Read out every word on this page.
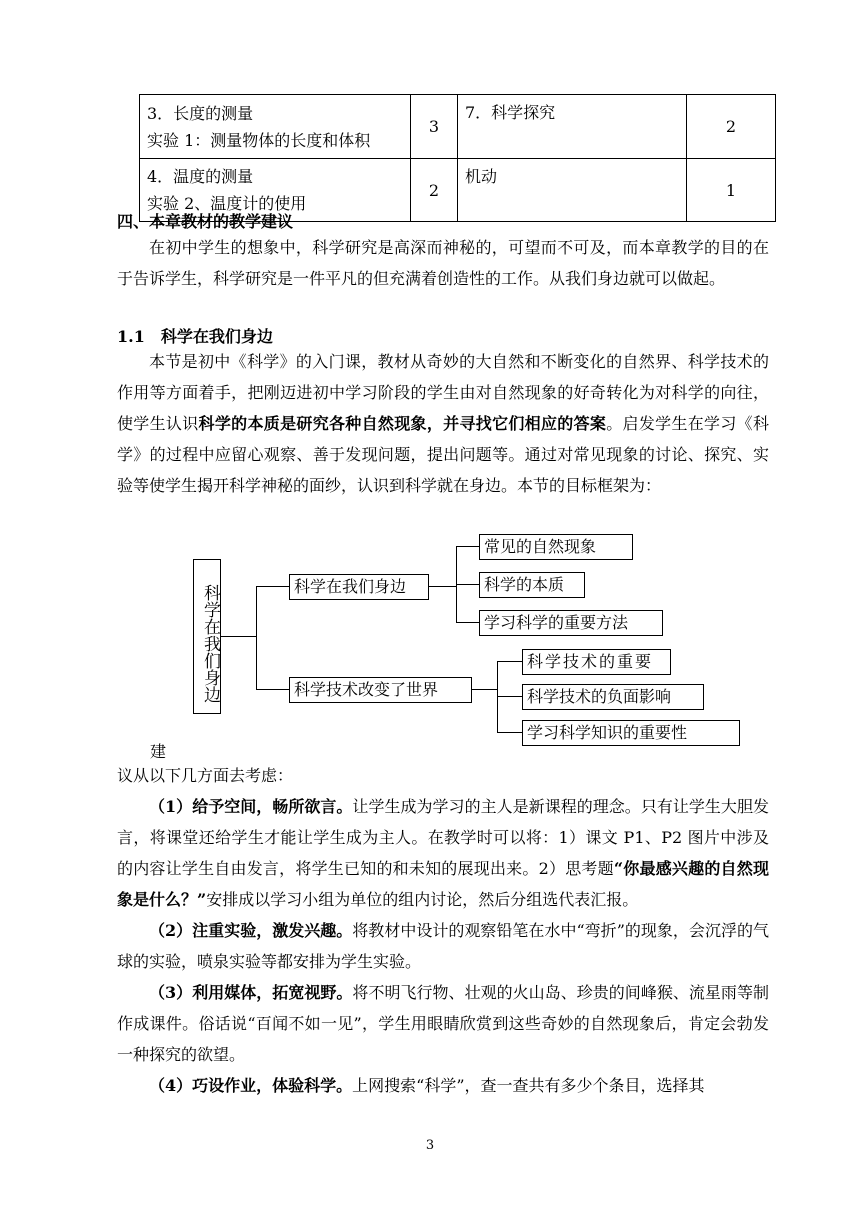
3．长度的测量
实验 1：测量物体的长度和体积	3	7．科学探究	2

4．温度的测量
实验 2、温度计的使用	2	机动	1
四、本章教材的教学建议

在初中学生的想象中，科学研究是高深而神秘的，可望而不可及，而本章教学的目的在于告诉学生，科学研究是一件平凡的但充满着创造性的工作。从我们身边就可以做起。

1.1　科学在我们身边

本节是初中《科学》的入门课，教材从奇妙的大自然和不断变化的自然界、科学技术的作用等方面着手，把刚迈进初中学习阶段的学生由对自然现象的好奇转化为对科学的向往，使学生认识科学的本质是研究各种自然现象，并寻找它们相应的答案。启发学生在学习《科学》的过程中应留心观察、善于发现问题，提出问题等。通过对常见现象的讨论、探究、实验等使学生揭开科学神秘的面纱，认识到科学就在身边。本节的目标框架为：

科学在我们身边	科学在我们身边
科学技术改变了世界
常见的自然现象
科学的本质
学习科学的重要方法
科学技术的重要
科学技术的负面影响
学习科学知识的重要性
建

议从以下几方面去考虑：

（1）给予空间，畅所欲言。让学生成为学习的主人是新课程的理念。只有让学生大胆发言，将课堂还给学生才能让学生成为主人。在教学时可以将：1）课文 P1、P2 图片中涉及的内容让学生自由发言，将学生已知的和未知的展现出来。2）思考题“你最感兴趣的自然现象是什么？”安排成以学习小组为单位的组内讨论，然后分组选代表汇报。

（2）注重实验，激发兴趣。将教材中设计的观察铅笔在水中“弯折”的现象，会沉浮的气球的实验，喷泉实验等都安排为学生实验。

（3）利用媒体，拓宽视野。将不明飞行物、壮观的火山岛、珍贵的间峰猴、流星雨等制作成课件。俗话说“百闻不如一见”，学生用眼睛欣赏到这些奇妙的自然现象后，肯定会勃发一种探究的欲望。

（4）巧设作业，体验科学。上网搜索“科学”，查一查共有多少个条目，选择其

3
